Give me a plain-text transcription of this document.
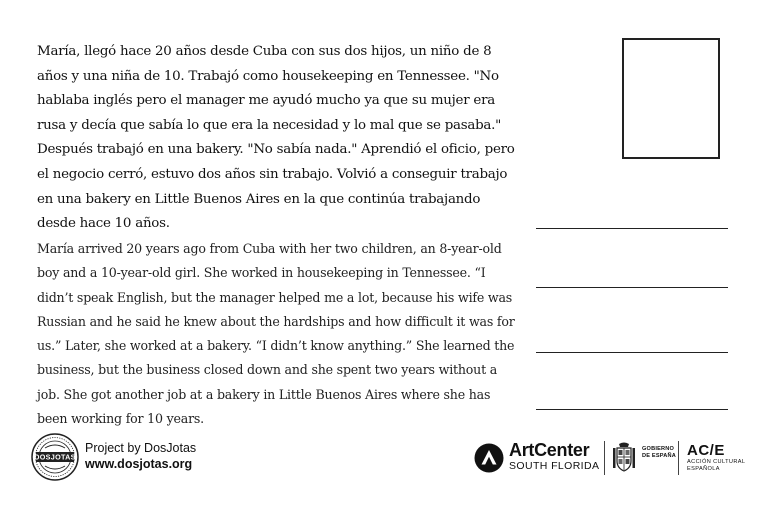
María, llegó hace 20 años desde Cuba con sus dos hijos, un niño de 8 años y una niña de 10. Trabajó como housekeeping en Tennessee. "No hablaba inglés pero el manager me ayudó mucho ya que su mujer era rusa y decía que sabía lo que era la necesidad y lo mal que se pasaba." Después trabajó en una bakery. "No sabía nada." Aprendió el oficio, pero el negocio cerró, estuvo dos años sin trabajo. Volvió a conseguir trabajo en una bakery en Little Buenos Aires en la que continúa trabajando desde hace 10 años.

María arrived 20 years ago from Cuba with her two children, an 8-year-old boy and a 10-year-old girl. She worked in housekeeping in Tennessee. “I didn’t speak English, but the manager helped me a lot, because his wife was Russian and he said he knew about the hardships and how difficult it was for us.” Later, she worked at a bakery. “I didn’t know anything.” She learned the business, but the business closed down and she spent two years without a job. She got another job at a bakery in Little Buenos Aires where she has been working for 10 years.

DOSJOTAS
Project by DosJotas
www.dosjotas.org
ArtCenter
SOUTH FLORIDA
GOBIERNO
DE ESPAÑA AC/E
ACCIÓN CULTURAL
ESPAÑOLA
